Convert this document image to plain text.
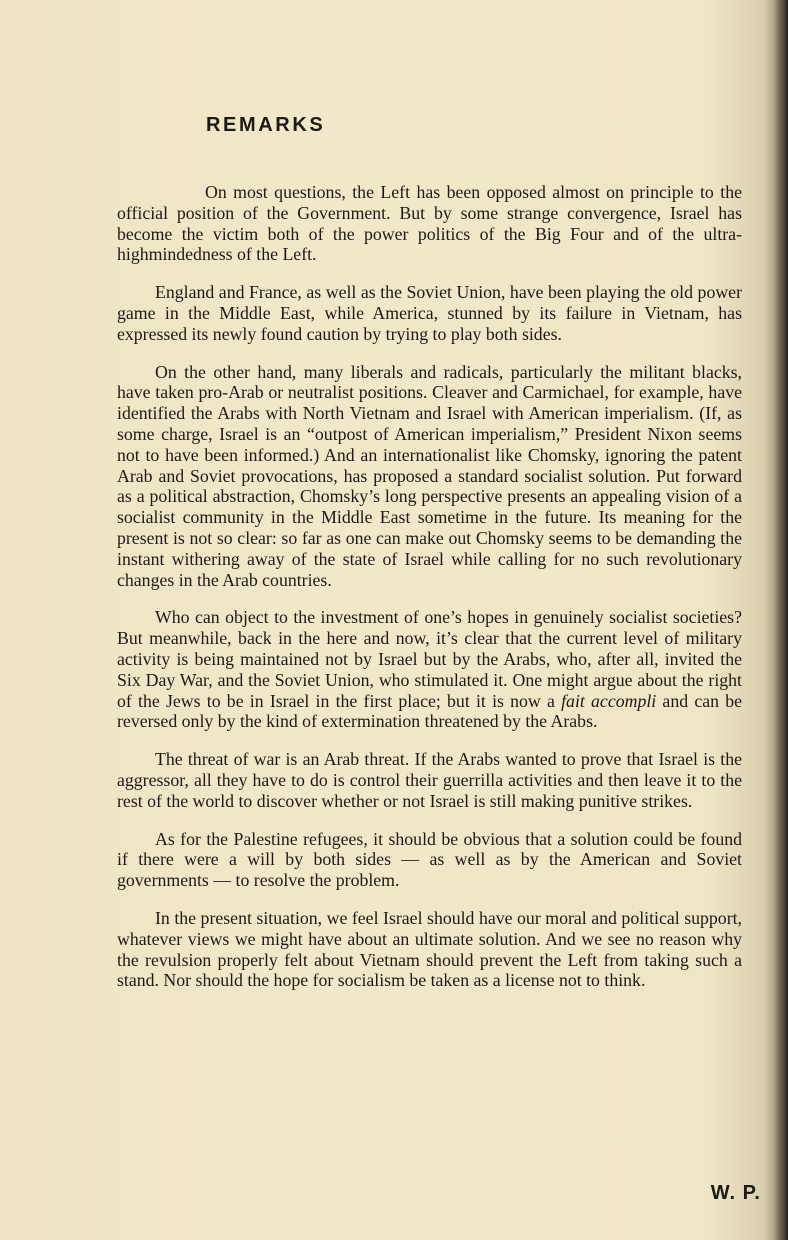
REMARKS

On most questions, the Left has been opposed almost on principle to the official position of the Government. But by some strange convergence, Israel has become the victim both of the power politics of the Big Four and of the ultra-highmindedness of the Left.

England and France, as well as the Soviet Union, have been playing the old power game in the Middle East, while America, stunned by its failure in Vietnam, has expressed its newly found caution by trying to play both sides.

On the other hand, many liberals and radicals, particularly the militant blacks, have taken pro-Arab or neutralist positions. Cleaver and Carmichael, for example, have identified the Arabs with North Vietnam and Israel with American imperialism. (If, as some charge, Israel is an “outpost of American imperialism,” President Nixon seems not to have been informed.) And an internationalist like Chomsky, ignoring the patent Arab and Soviet provocations, has proposed a standard socialist solution. Put forward as a political abstraction, Chomsky’s long perspective presents an appealing vision of a socialist community in the Middle East sometime in the future. Its meaning for the present is not so clear: so far as one can make out Chomsky seems to be demanding the instant withering away of the state of Israel while calling for no such revolutionary changes in the Arab countries.

Who can object to the investment of one’s hopes in genuinely socialist societies? But meanwhile, back in the here and now, it’s clear that the current level of military activity is being maintained not by Israel but by the Arabs, who, after all, invited the Six Day War, and the Soviet Union, who stimulated it. One might argue about the right of the Jews to be in Israel in the first place; but it is now a fait accompli and can be reversed only by the kind of extermination threatened by the Arabs.

The threat of war is an Arab threat. If the Arabs wanted to prove that Israel is the aggressor, all they have to do is control their guerrilla activities and then leave it to the rest of the world to discover whether or not Israel is still making punitive strikes.

As for the Palestine refugees, it should be obvious that a solution could be found if there were a will by both sides — as well as by the American and Soviet governments — to resolve the problem.

In the present situation, we feel Israel should have our moral and political support, whatever views we might have about an ultimate solution. And we see no reason why the revulsion properly felt about Vietnam should prevent the Left from taking such a stand. Nor should the hope for socialism be taken as a license not to think.

W. P.
